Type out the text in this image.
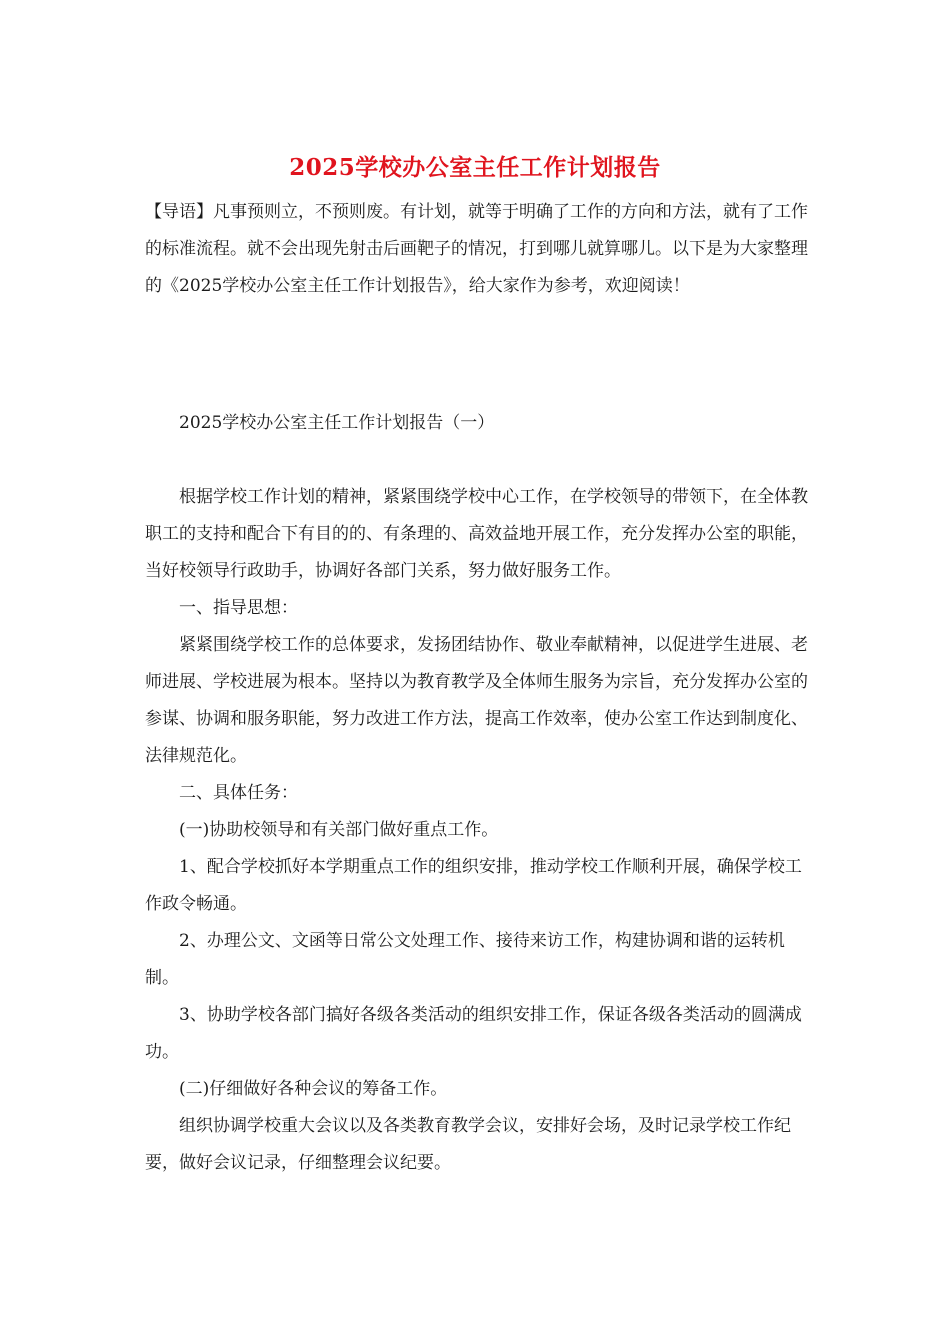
2025学校办公室主任工作计划报告

【导语】凡事预则立，不预则废。有计划，就等于明确了工作的方向和方法，就有了工作的标准流程。就不会出现先射击后画靶子的情况，打到哪儿就算哪儿。以下是为大家整理的《2025学校办公室主任工作计划报告》，给大家作为参考，欢迎阅读！

2025学校办公室主任工作计划报告（一）

根据学校工作计划的精神，紧紧围绕学校中心工作，在学校领导的带领下，在全体教职工的支持和配合下有目的的、有条理的、高效益地开展工作，充分发挥办公室的职能，当好校领导行政助手，协调好各部门关系，努力做好服务工作。

一、指导思想：

紧紧围绕学校工作的总体要求，发扬团结协作、敬业奉献精神，以促进学生进展、老师进展、学校进展为根本。坚持以为教育教学及全体师生服务为宗旨，充分发挥办公室的参谋、协调和服务职能，努力改进工作方法，提高工作效率，使办公室工作达到制度化、法律规范化。

二、具体任务：

(一)协助校领导和有关部门做好重点工作。

1、配合学校抓好本学期重点工作的组织安排，推动学校工作顺利开展，确保学校工作政令畅通。

2、办理公文、文函等日常公文处理工作、接待来访工作，构建协调和谐的运转机制。

3、协助学校各部门搞好各级各类活动的组织安排工作，保证各级各类活动的圆满成功。

(二)仔细做好各种会议的筹备工作。

组织协调学校重大会议以及各类教育教学会议，安排好会场，及时记录学校工作纪要，做好会议记录，仔细整理会议纪要。
